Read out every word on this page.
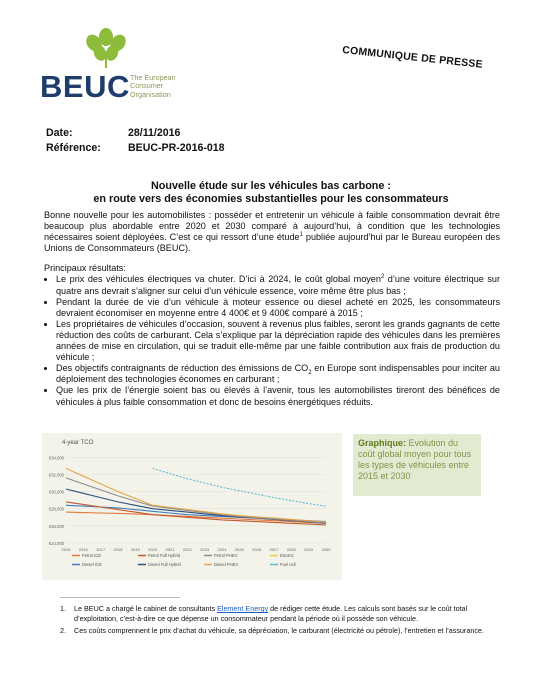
BEUC The European
Consumer
Organisation
COMMUNIQUE DE PRESSE
Date:	28/11/2016
Référence:	BEUC-PR-2016-018
Nouvelle étude sur les véhicules bas carbone :
en route vers des économies substantielles pour les consommateurs

Bonne nouvelle pour les automobilistes : posséder et entretenir un véhicule à faible consommation devrait être beaucoup plus abordable entre 2020 et 2030 comparé à aujourd’hui, à condition que les technologies nécessaires soient déployées. C’est ce qui ressort d’une étude$^1$ publiée aujourd’hui par le Bureau européen des Unions de Consommateurs (BEUC).

Principaux résultats:

• Le prix des véhicules électriques va chuter. D’ici à 2024, le coût global moyen$^2$ d’une voiture électrique sur quatre ans devrait s’aligner sur celui d’un véhicule essence, voire même être plus bas ;
• Pendant la durée de vie d’un véhicule à moteur essence ou diesel acheté en 2025, les consommateurs devraient économiser en moyenne entre 4 400€ et 9 400€ comparé à 2015 ;
• Les propriétaires de véhicules d’occasion, souvent à revenus plus faibles, seront les grands gagnants de cette réduction des coûts de carburant. Cela s’explique par la dépréciation rapide des véhicules dans les premières années de mise en circulation, qui se traduit elle-même par une faible contribution aux frais de production du véhicule ;
• Des objectifs contraignants de réduction des émissions de $CO_2$ en Europe sont indispensables pour inciter au déploiement des technologies économes en carburant ;
• Que les prix de l’énergie soient bas ou élevés à l’avenir, tous les automobilistes tireront des bénéfices de véhicules à plus faible consommation et donc de besoins énergétiques réduits.
4-year TCO
€24,000
€26,000
€28,000
€30,000
€32,000
€34,000
2015 2016 2017 2018 2019 2020 2021 2022 2023 2024 2025 2026 2027 2028 2029 2030
Petrol ICE
Diesel ICE
Petrol Full Hybrid
Diesel Full Hybrid
Petrol PHEV
Diesel PHEV
Electric
Fuel cell
Graphique: Evolution du coût global moyen pour tous les types de véhicules entre 2015 et 2030
1.	Le BEUC a chargé le cabinet de consultants Element Energy de rédiger cette étude. Les calculs sont basés sur le coût total d’exploitation, c’est-à-dire ce que dépense un consommateur pendant la période où il possède son véhicule.
2.	Ces coûts comprennent le prix d’achat du véhicule, sa dépréciation, le carburant (électricité ou pétrole), l’entretien et l’assurance.
